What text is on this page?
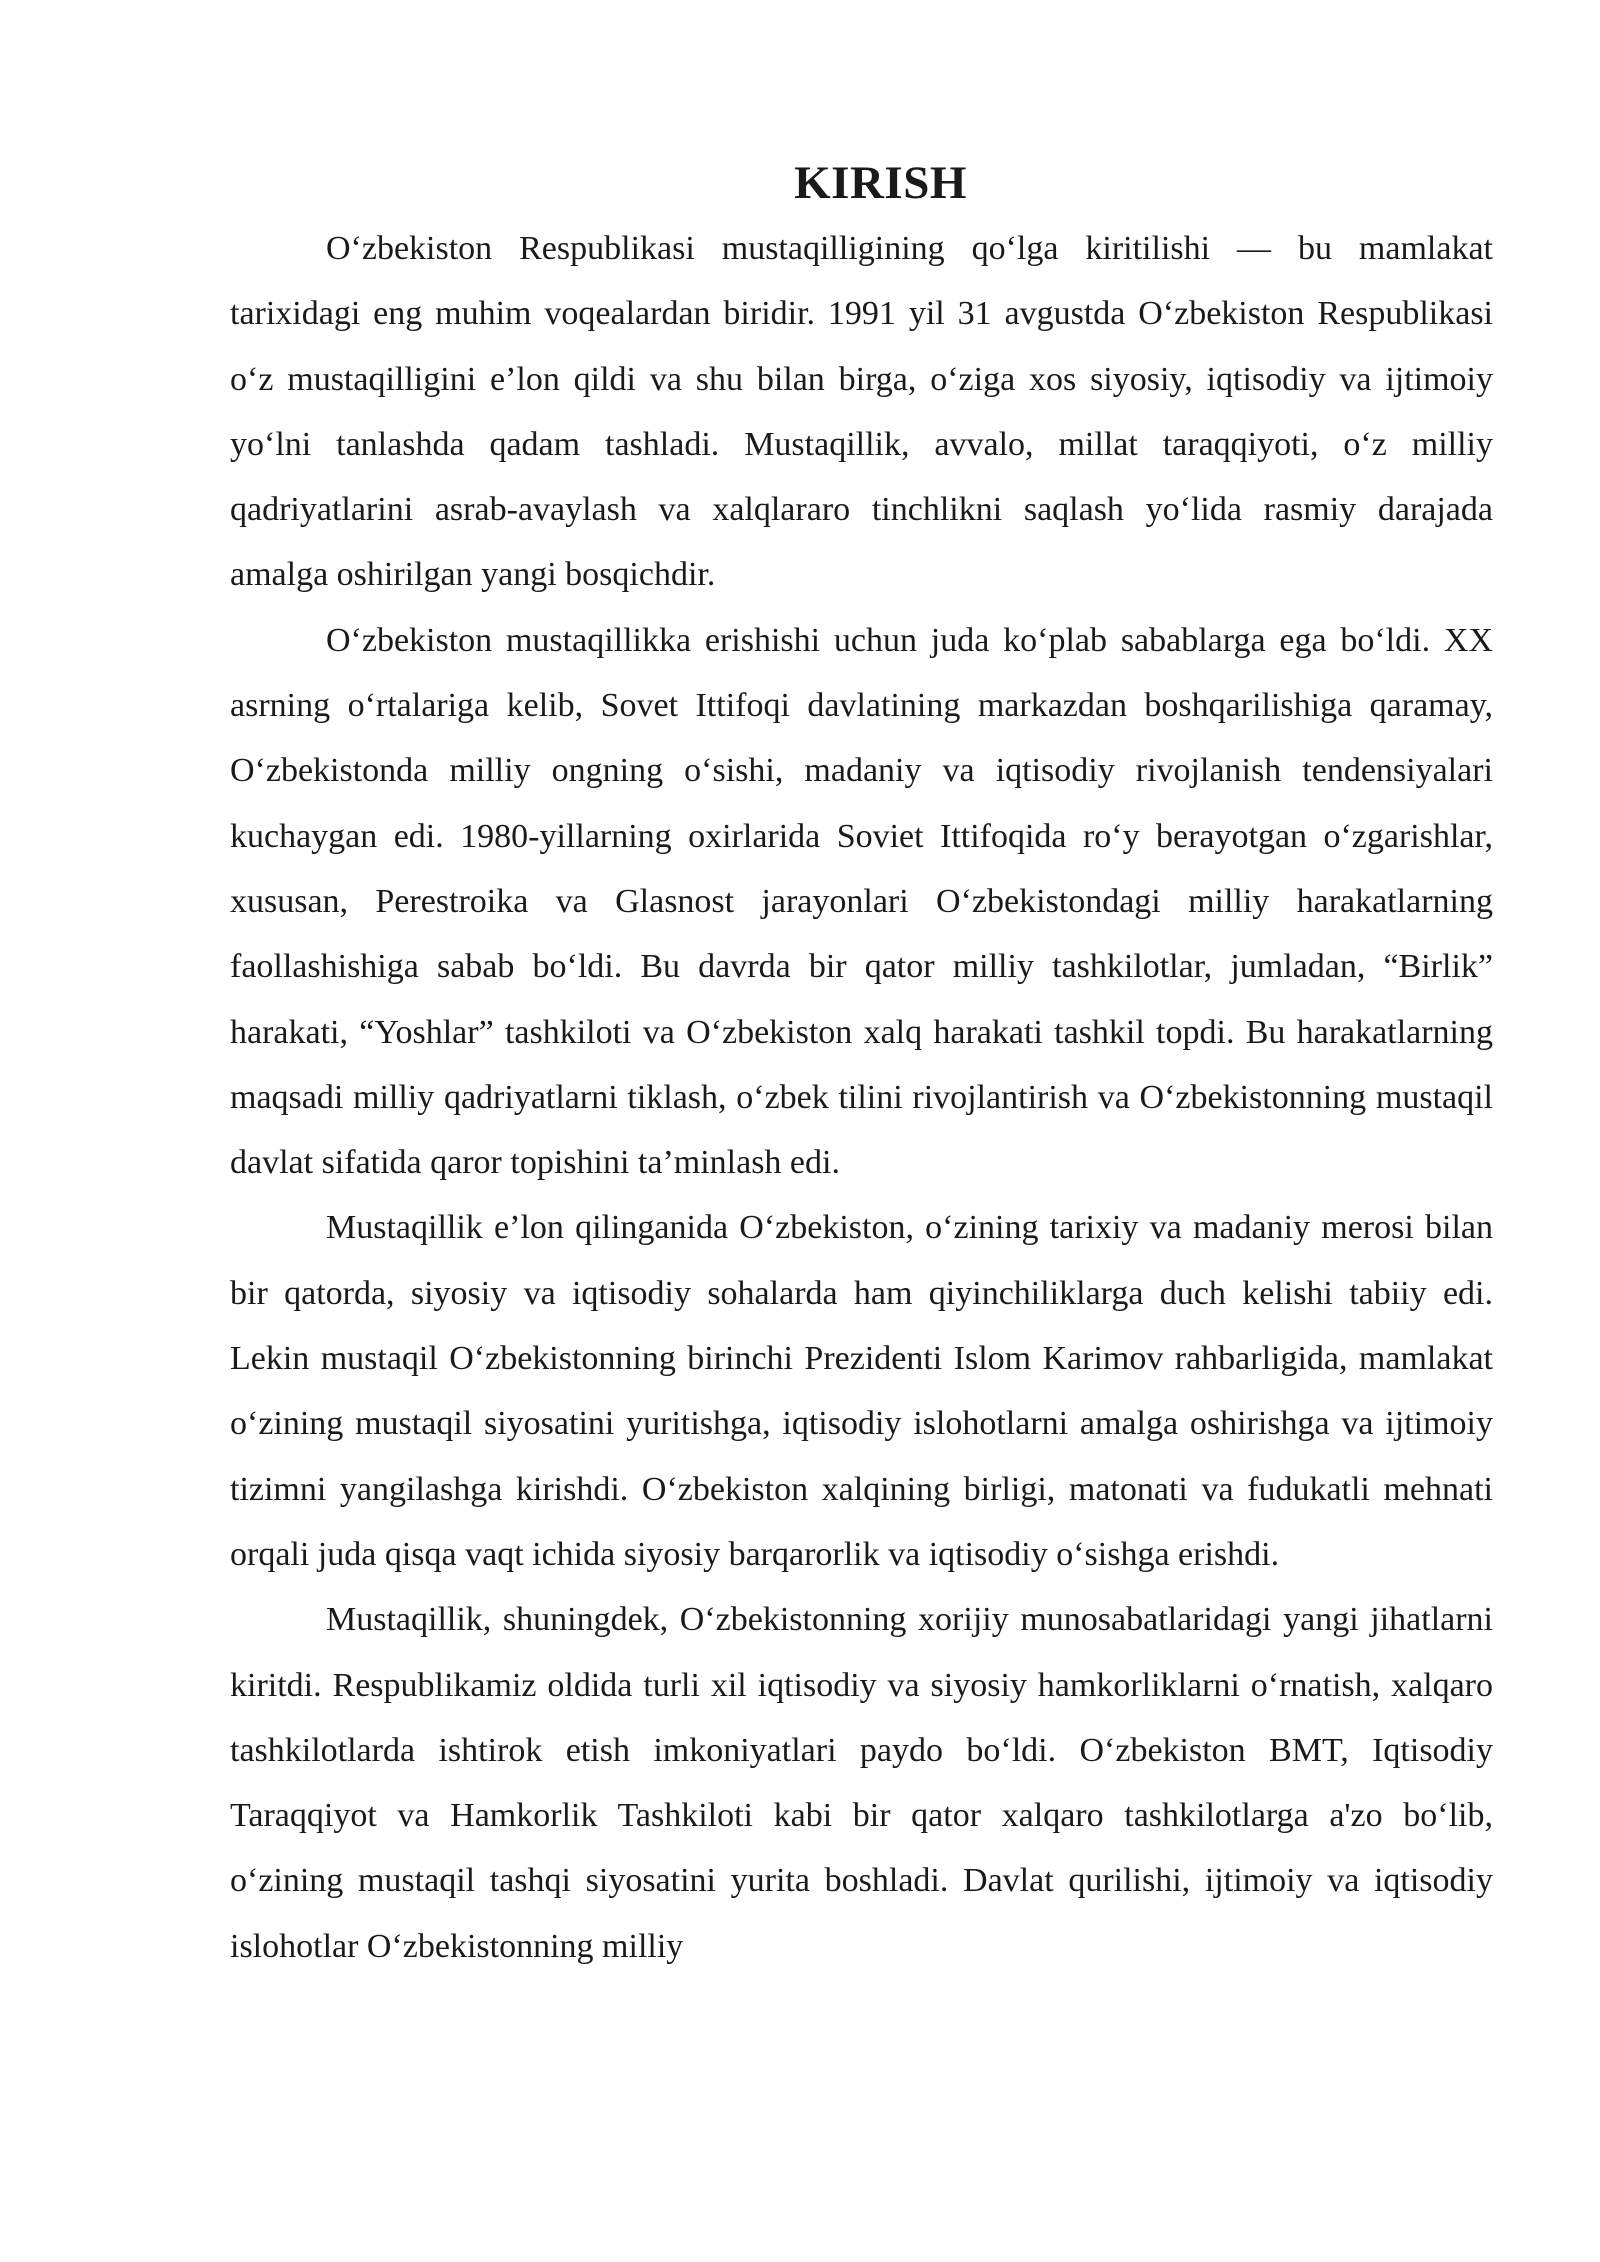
KIRISH

O‘zbekiston Respublikasi mustaqilligining qo‘lga kiritilishi — bu mamlakat tarixidagi eng muhim voqealardan biridir. 1991 yil 31 avgustda O‘zbekiston Respublikasi o‘z mustaqilligini e’lon qildi va shu bilan birga, o‘ziga xos siyosiy, iqtisodiy va ijtimoiy yo‘lni tanlashda qadam tashladi. Mustaqillik, avvalo, millat taraqqiyoti, o‘z milliy qadriyatlarini asrab-avaylash va xalqlararo tinchlikni saqlash yo‘lida rasmiy darajada amalga oshirilgan yangi bosqichdir.

O‘zbekiston mustaqillikka erishishi uchun juda ko‘plab sabablarga ega bo‘ldi. XX asrning o‘rtalariga kelib, Sovet Ittifoqi davlatining markazdan boshqarilishiga qaramay, O‘zbekistonda milliy ongning o‘sishi, madaniy va iqtisodiy rivojlanish tendensiyalari kuchaygan edi. 1980-yillarning oxirlarida Soviet Ittifoqida ro‘y berayotgan o‘zgarishlar, xususan, Perestroika va Glasnost jarayonlari O‘zbekistondagi milliy harakatlarning faollashishiga sabab bo‘ldi. Bu davrda bir qator milliy tashkilotlar, jumladan, “Birlik” harakati, “Yoshlar” tashkiloti va O‘zbekiston xalq harakati tashkil topdi. Bu harakatlarning maqsadi milliy qadriyatlarni tiklash, o‘zbek tilini rivojlantirish va O‘zbekistonning mustaqil davlat sifatida qaror topishini ta’minlash edi.

Mustaqillik e’lon qilinganida O‘zbekiston, o‘zining tarixiy va madaniy merosi bilan bir qatorda, siyosiy va iqtisodiy sohalarda ham qiyinchiliklarga duch kelishi tabiiy edi. Lekin mustaqil O‘zbekistonning birinchi Prezidenti Islom Karimov rahbarligida, mamlakat o‘zining mustaqil siyosatini yuritishga, iqtisodiy islohotlarni amalga oshirishga va ijtimoiy tizimni yangilashga kirishdi. O‘zbekiston xalqining birligi, matonati va fudukatli mehnati orqali juda qisqa vaqt ichida siyosiy barqarorlik va iqtisodiy o‘sishga erishdi.

Mustaqillik, shuningdek, O‘zbekistonning xorijiy munosabatlaridagi yangi jihatlarni kiritdi. Respublikamiz oldida turli xil iqtisodiy va siyosiy hamkorliklarni o‘rnatish, xalqaro tashkilotlarda ishtirok etish imkoniyatlari paydo bo‘ldi. O‘zbekiston BMT, Iqtisodiy Taraqqiyot va Hamkorlik Tashkiloti kabi bir qator xalqaro tashkilotlarga a'zo bo‘lib, o‘zining mustaqil tashqi siyosatini yurita boshladi. Davlat qurilishi, ijtimoiy va iqtisodiy islohotlar O‘zbekistonning milliy
